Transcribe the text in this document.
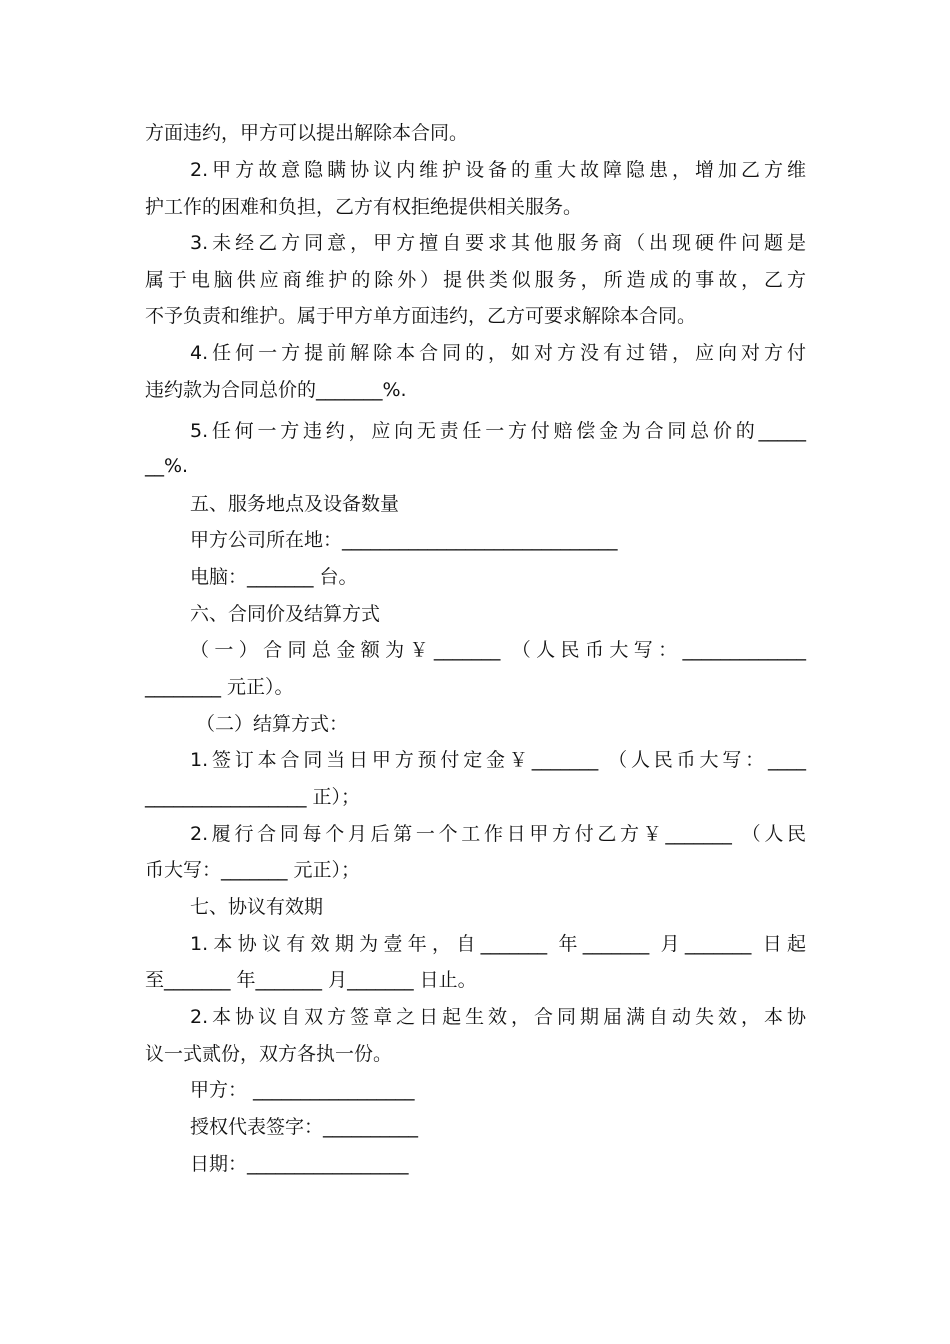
方面违约，甲方可以提出解除本合同。
2.甲方故意隐瞒协议内维护设备的重大故障隐患，增加乙方维
护工作的困难和负担，乙方有权拒绝提供相关服务。
3.未经乙方同意，甲方擅自要求其他服务商（出现硬件问题是
属于电脑供应商维护的除外）提供类似服务，所造成的事故，乙方
不予负责和维护。属于甲方单方面违约，乙方可要求解除本合同。
4.任何一方提前解除本合同的，如对方没有过错，应向对方付
违约款为合同总价的_______%.
5.任何一方违约，应向无责任一方付赔偿金为合同总价的_____
__%.
五、服务地点及设备数量
甲方公司所在地：_____________________________
电脑：_______ 台。
六、合同价及结算方式
（一）合同总金额为￥_______ （人民币大写：_____________
________ 元正）。
（二）结算方式：
1.签订本合同当日甲方预付定金￥_______ （人民币大写：____
_________________ 正）；
2.履行合同每个月后第一个工作日甲方付乙方￥_______ （人民
币大写：_______ 元正）；
七、协议有效期
1.本协议有效期为壹年，自_______ 年_______ 月_______ 日起
至_______ 年_______ 月_______ 日止。
2.本协议自双方签章之日起生效，合同期届满自动失效，本协
议一式贰份，双方各执一份。
甲方： _________________
授权代表签字：__________
日期：_________________
